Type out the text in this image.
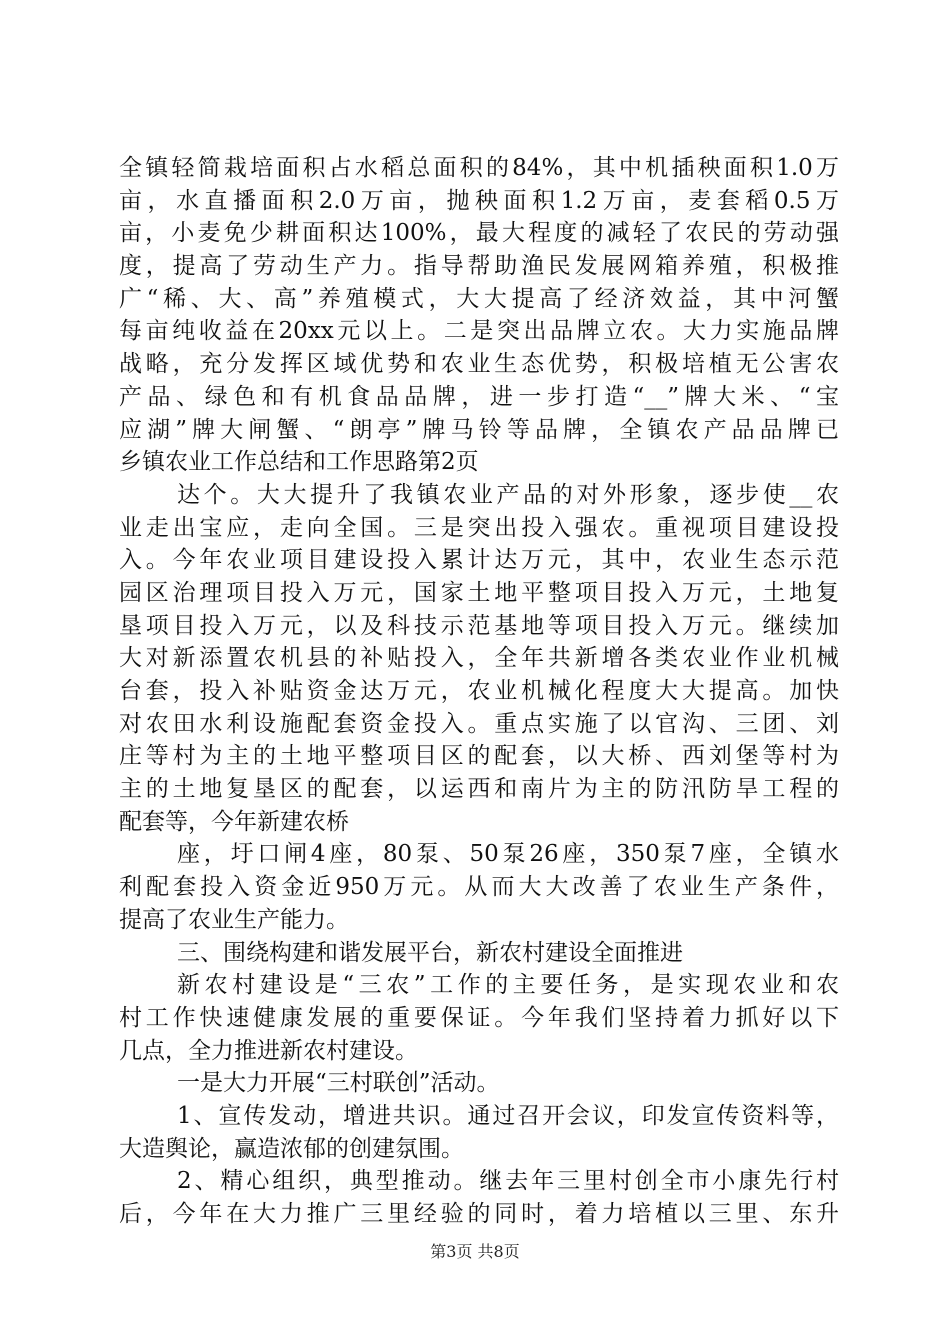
全镇轻简栽培面积占水稻总面积的84%，其中机插秧面积1.0万
亩，水直播面积2.0万亩，抛秧面积1.2万亩，麦套稻0.5万
亩，小麦免少耕面积达100%，最大程度的减轻了农民的劳动强
度，提高了劳动生产力。指导帮助渔民发展网箱养殖，积极推
广“稀、大、高”养殖模式，大大提高了经济效益，其中河蟹
每亩纯收益在20xx元以上。二是突出品牌立农。大力实施品牌
战略，充分发挥区域优势和农业生态优势，积极培植无公害农
产品、绿色和有机食品品牌，进一步打造“__”牌大米、“宝
应湖”牌大闸蟹、“朗亭”牌马铃等品牌，全镇农产品品牌已
乡镇农业工作总结和工作思路第2页
达个。大大提升了我镇农业产品的对外形象，逐步使__农
业走出宝应，走向全国。三是突出投入强农。重视项目建设投
入。今年农业项目建设投入累计达万元，其中，农业生态示范
园区治理项目投入万元，国家土地平整项目投入万元，土地复
垦项目投入万元，以及科技示范基地等项目投入万元。继续加
大对新添置农机县的补贴投入，全年共新增各类农业作业机械
台套，投入补贴资金达万元，农业机械化程度大大提高。加快
对农田水利设施配套资金投入。重点实施了以官沟、三团、刘
庄等村为主的土地平整项目区的配套，以大桥、西刘堡等村为
主的土地复垦区的配套，以运西和南片为主的防汛防旱工程的
配套等，今年新建农桥
座，圩口闸4座，80泵、50泵26座，350泵7座，全镇水
利配套投入资金近950万元。从而大大改善了农业生产条件，
提高了农业生产能力。
三、围绕构建和谐发展平台，新农村建设全面推进
新农村建设是“三农”工作的主要任务，是实现农业和农
村工作快速健康发展的重要保证。今年我们坚持着力抓好以下
几点，全力推进新农村建设。
一是大力开展“三村联创”活动。
1、宣传发动，增进共识。通过召开会议，印发宣传资料等，
大造舆论，赢造浓郁的创建氛围。
2、精心组织，典型推动。继去年三里村创全市小康先行村
后，今年在大力推广三里经验的同时，着力培植以三里、东升
第3页 共8页
